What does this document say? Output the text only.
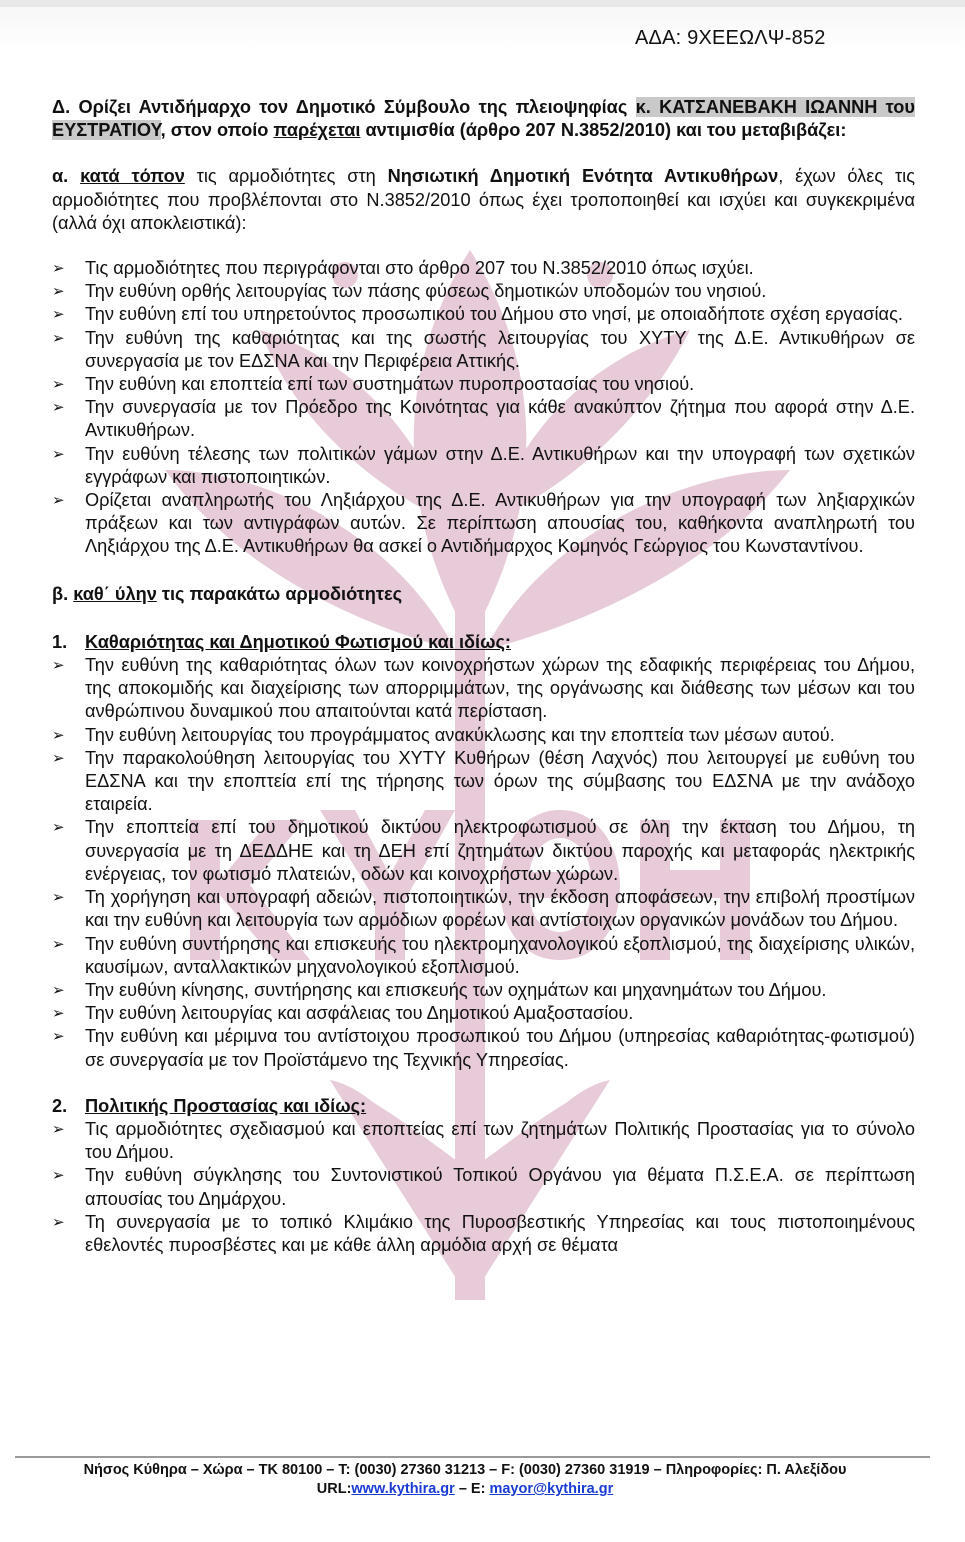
ΑΔΑ: 9ΧΕΕΩΛΨ-852

Δ. Ορίζει Αντιδήμαρχο τον Δημοτικό Σύμβουλο της πλειοψηφίας κ. ΚΑΤΣΑΝΕΒΑΚΗ ΙΩΑΝΝΗ του ΕΥΣΤΡΑΤΙΟΥ, στον οποίο παρέχεται αντιμισθία (άρθρο 207 Ν.3852/2010) και του μεταβιβάζει:

α. κατά τόπον τις αρμοδιότητες στη Νησιωτική Δημοτική Ενότητα Αντικυθήρων, έχων όλες τις αρμοδιότητες που προβλέπονται στο Ν.3852/2010 όπως έχει τροποποιηθεί και ισχύει και συγκεκριμένα (αλλά όχι αποκλειστικά):

➢	Τις αρμοδιότητες που περιγράφονται στο άρθρο 207 του Ν.3852/2010 όπως ισχύει.
➢	Την ευθύνη ορθής λειτουργίας των πάσης φύσεως δημοτικών υποδομών του νησιού.
➢	Την ευθύνη επί του υπηρετούντος προσωπικού του Δήμου στο νησί, με οποιαδήποτε σχέση εργασίας.
➢	Την ευθύνη της καθαριότητας και της σωστής λειτουργίας του ΧΥΤΥ της Δ.Ε. Αντικυθήρων σε συνεργασία με τον ΕΔΣΝΑ και την Περιφέρεια Αττικής.
➢	Την ευθύνη και εποπτεία επί των συστημάτων πυροπροστασίας του νησιού.
➢	Την συνεργασία με τον Πρόεδρο της Κοινότητας για κάθε ανακύπτον ζήτημα που αφορά στην Δ.Ε. Αντικυθήρων.
➢	Την ευθύνη τέλεσης των πολιτικών γάμων στην Δ.Ε. Αντικυθήρων και την υπογραφή των σχετικών εγγράφων και πιστοποιητικών.
➢	Ορίζεται αναπληρωτής του Ληξιάρχου της Δ.Ε. Αντικυθήρων για την υπογραφή των ληξιαρχικών πράξεων και των αντιγράφων αυτών. Σε περίπτωση απουσίας του, καθήκοντα αναπληρωτή του Ληξιάρχου της Δ.Ε. Αντικυθήρων θα ασκεί ο Αντιδήμαρχος Κομηνός Γεώργιος του Κωνσταντίνου.

β. καθ΄ ύλην τις παρακάτω αρμοδιότητες

1. Καθαριότητας και Δημοτικού Φωτισμού και ιδίως:
➢	Την ευθύνη της καθαριότητας όλων των κοινοχρήστων χώρων της εδαφικής περιφέρειας του Δήμου, της αποκομιδής και διαχείρισης των απορριμμάτων, της οργάνωσης και διάθεσης των μέσων και του ανθρώπινου δυναμικού που απαιτούνται κατά περίσταση.
➢	Την ευθύνη λειτουργίας του προγράμματος ανακύκλωσης και την εποπτεία των μέσων αυτού.
➢	Την παρακολούθηση λειτουργίας του ΧΥΤΥ Κυθήρων (θέση Λαχνός) που λειτουργεί με ευθύνη του ΕΔΣΝΑ και την εποπτεία επί της τήρησης των όρων της σύμβασης του ΕΔΣΝΑ με την ανάδοχο εταιρεία.
➢	Την εποπτεία επί του δημοτικού δικτύου ηλεκτροφωτισμού σε όλη την έκταση του Δήμου, τη συνεργασία με τη ΔΕΔΔΗΕ και τη ΔΕΗ επί ζητημάτων δικτύου παροχής και μεταφοράς ηλεκτρικής ενέργειας, τον φωτισμό πλατειών, οδών και κοινοχρήστων χώρων.
➢	Τη χορήγηση και υπογραφή αδειών, πιστοποιητικών, την έκδοση αποφάσεων, την επιβολή προστίμων και την ευθύνη και λειτουργία των αρμόδιων φορέων και αντίστοιχων οργανικών μονάδων του Δήμου.
➢	Την ευθύνη συντήρησης και επισκευής του ηλεκτρομηχανολογικού εξοπλισμού, της διαχείρισης υλικών, καυσίμων, ανταλλακτικών μηχανολογικού εξοπλισμού.
➢	Την ευθύνη κίνησης, συντήρησης και επισκευής των οχημάτων και μηχανημάτων του Δήμου.
➢	Την ευθύνη λειτουργίας και ασφάλειας του Δημοτικού Αμαξοστασίου.
➢	Την ευθύνη και μέριμνα του αντίστοιχου προσωπικού του Δήμου (υπηρεσίας καθαριότητας-φωτισμού) σε συνεργασία με τον Προϊστάμενο της Τεχνικής Υπηρεσίας.
2. Πολιτικής Προστασίας και ιδίως:
➢	Τις αρμοδιότητες σχεδιασμού και εποπτείας επί των ζητημάτων Πολιτικής Προστασίας για το σύνολο του Δήμου.
➢	Την ευθύνη σύγκλησης του Συντονιστικού Τοπικού Οργάνου για θέματα Π.Σ.Ε.Α. σε περίπτωση απουσίας του Δημάρχου.
➢	Τη συνεργασία με το τοπικό Κλιμάκιο της Πυροσβεστικής Υπηρεσίας και τους πιστοποιημένους εθελοντές πυροσβέστες και με κάθε άλλη αρμόδια αρχή σε θέματα
Νήσος Κύθηρα – Χώρα – ΤΚ 80100 – Τ: (0030) 27360 31213 – F: (0030) 27360 31919 – Πληροφορίες: Π. Αλεξίδου
URL:www.kythira.gr – E: mayor@kythira.gr
